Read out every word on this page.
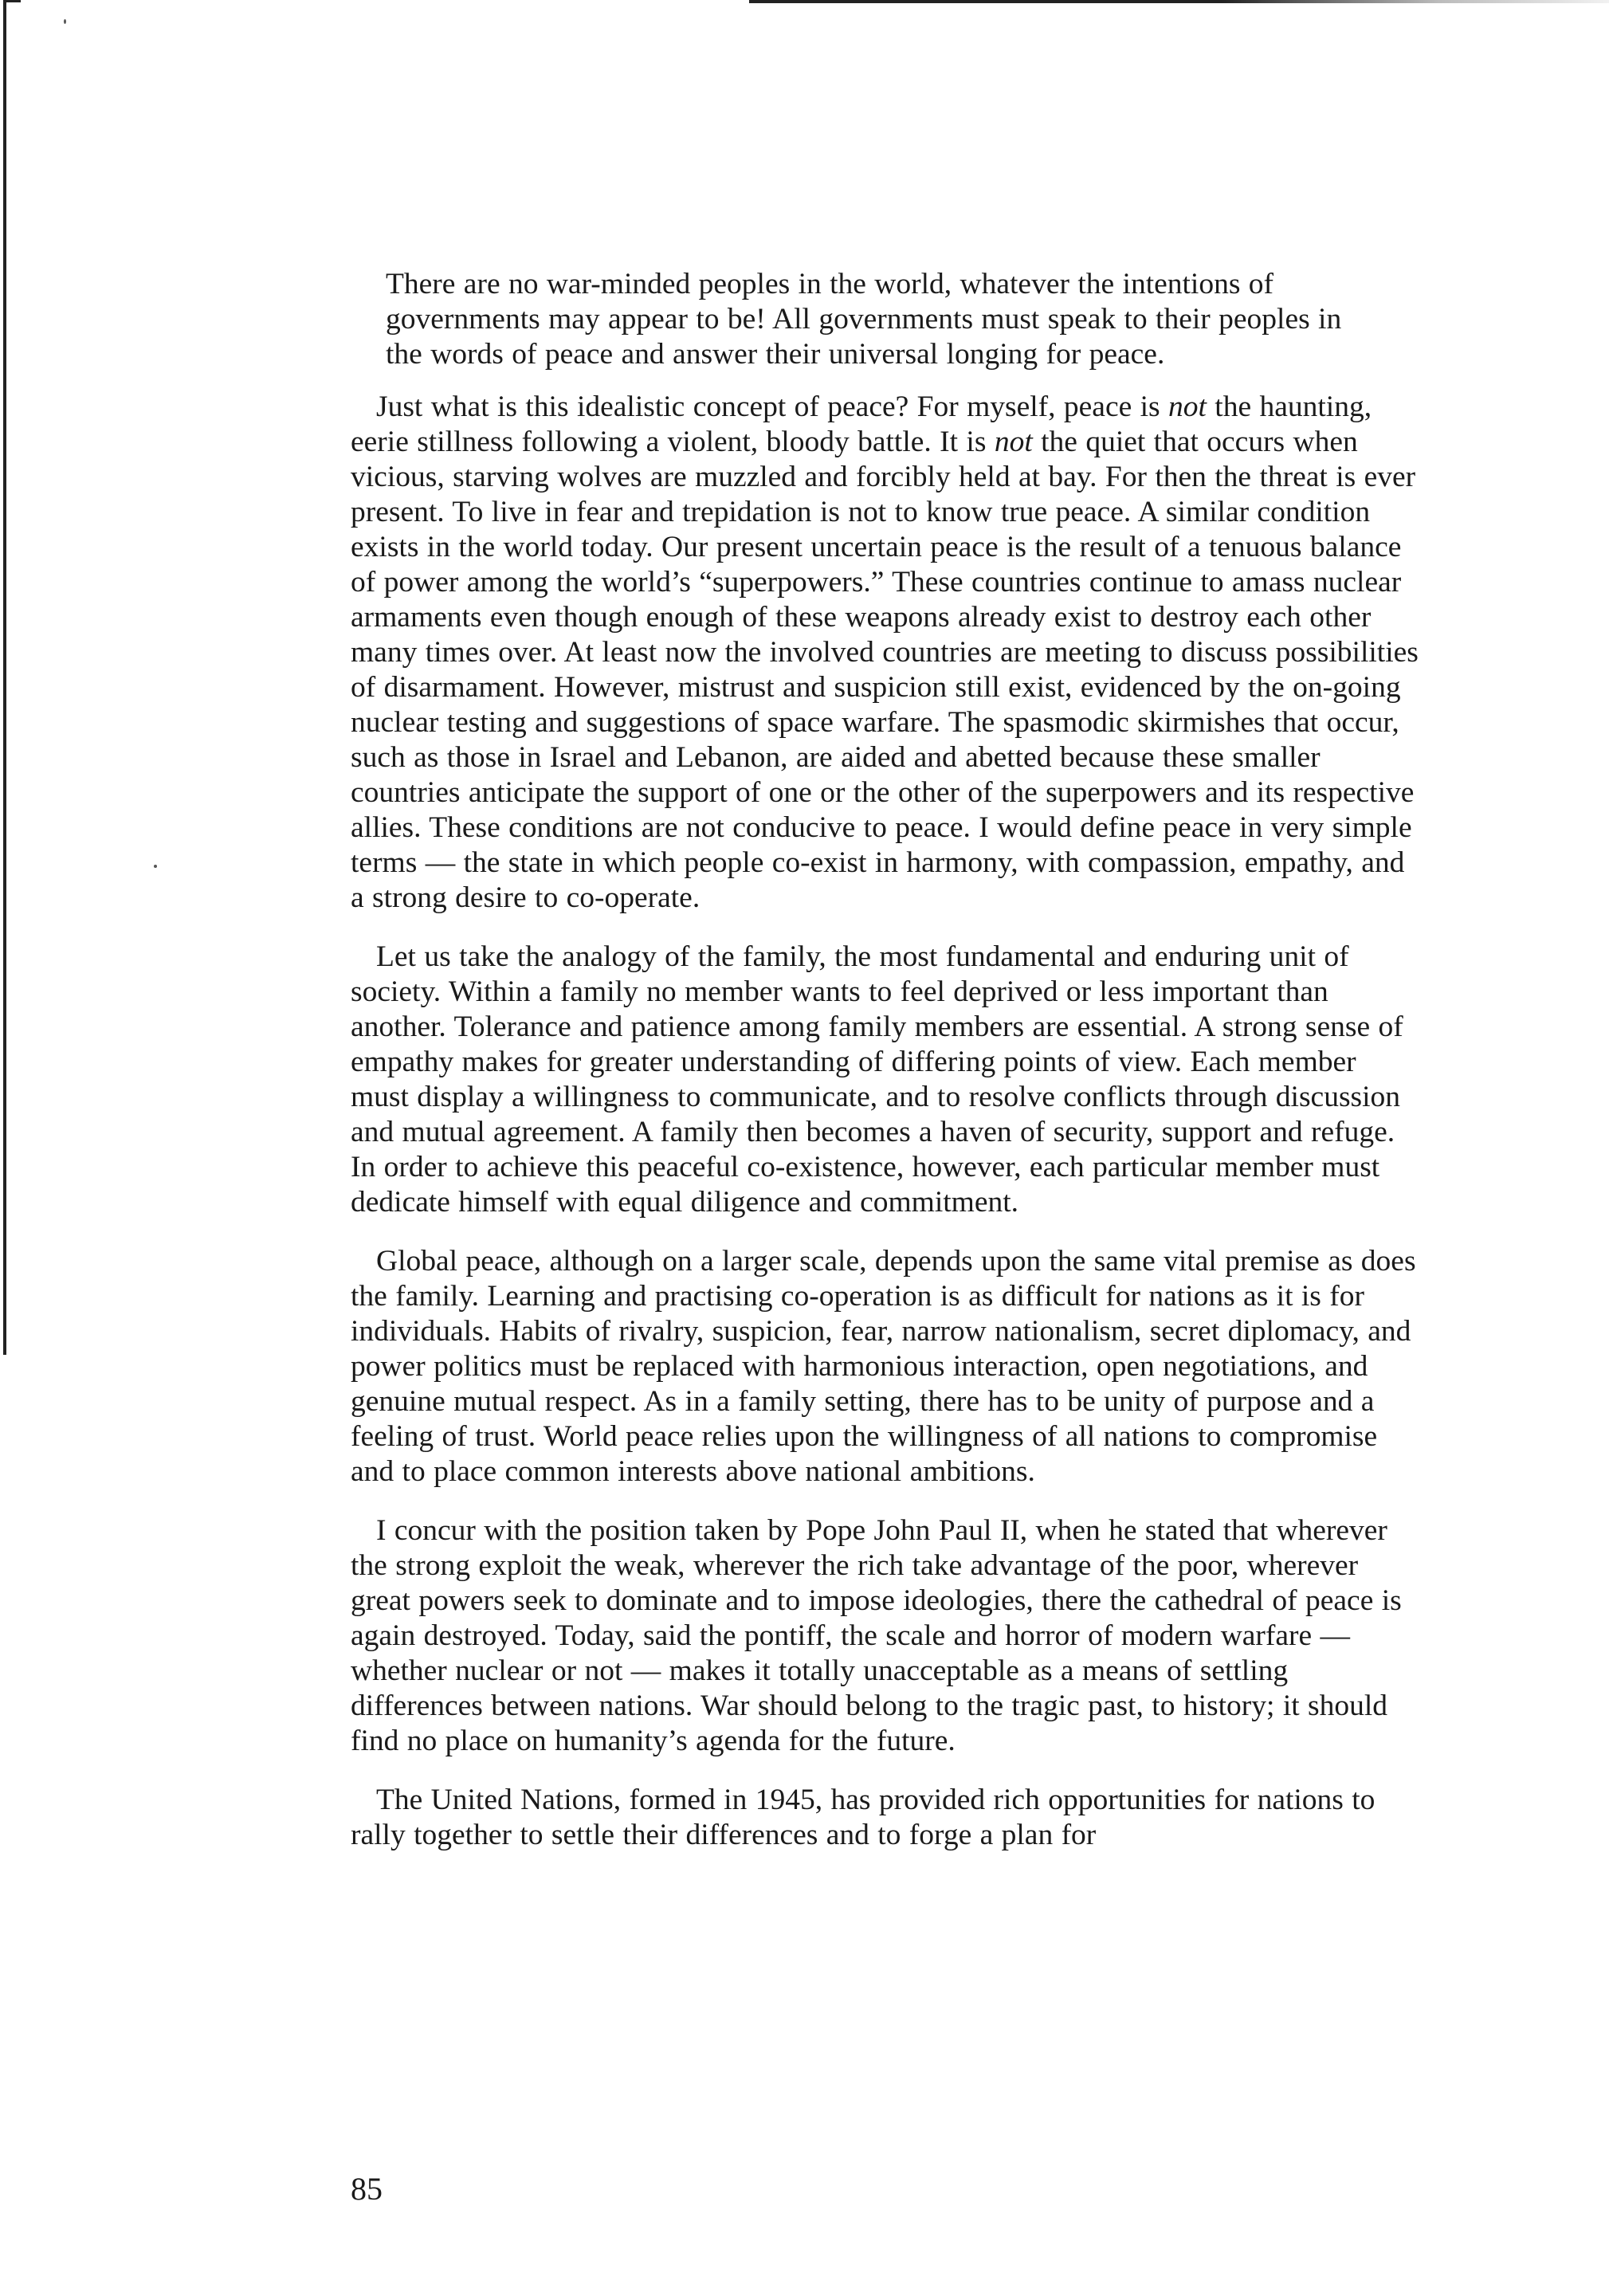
There are no war-minded peoples in the world, whatever the intentions of governments may appear to be! All governments must speak to their peoples in the words of peace and answer their universal longing for peace.

Just what is this idealistic concept of peace? For myself, peace is not the haunting, eerie stillness following a violent, bloody battle. It is not the quiet that occurs when vicious, starving wolves are muzzled and forcibly held at bay. For then the threat is ever present. To live in fear and trepidation is not to know true peace. A similar condition exists in the world today. Our present uncertain peace is the result of a tenuous balance of power among the world’s “superpowers.” These countries continue to amass nuclear armaments even though enough of these weapons already exist to destroy each other many times over. At least now the involved countries are meeting to discuss possibilities of disarmament. However, mistrust and suspicion still exist, evidenced by the on-going nuclear testing and suggestions of space warfare. The spasmodic skirmishes that occur, such as those in Israel and Lebanon, are aided and abetted because these smaller countries anticipate the support of one or the other of the superpowers and its respective allies. These conditions are not conducive to peace. I would define peace in very simple terms — the state in which people co-exist in harmony, with compassion, empathy, and a strong desire to co-operate.

Let us take the analogy of the family, the most fundamental and enduring unit of society. Within a family no member wants to feel deprived or less important than another. Tolerance and patience among family members are essential. A strong sense of empathy makes for greater understanding of differing points of view. Each member must display a willingness to communicate, and to resolve conflicts through discussion and mutual agreement. A family then becomes a haven of security, support and refuge. In order to achieve this peaceful co-existence, however, each particular member must dedicate himself with equal diligence and commitment.

Global peace, although on a larger scale, depends upon the same vital premise as does the family. Learning and practising co-operation is as difficult for nations as it is for individuals. Habits of rivalry, suspicion, fear, narrow nationalism, secret diplomacy, and power politics must be replaced with harmonious interaction, open negotiations, and genuine mutual respect. As in a family setting, there has to be unity of purpose and a feeling of trust. World peace relies upon the willingness of all nations to compromise and to place common interests above national ambitions.

I concur with the position taken by Pope John Paul II, when he stated that wherever the strong exploit the weak, wherever the rich take advantage of the poor, wherever great powers seek to dominate and to impose ideologies, there the cathedral of peace is again destroyed. Today, said the pontiff, the scale and horror of modern warfare — whether nuclear or not — makes it totally unacceptable as a means of settling differences between nations. War should belong to the tragic past, to history; it should find no place on humanity’s agenda for the future.

The United Nations, formed in 1945, has provided rich opportunities for nations to rally together to settle their differences and to forge a plan for

85
